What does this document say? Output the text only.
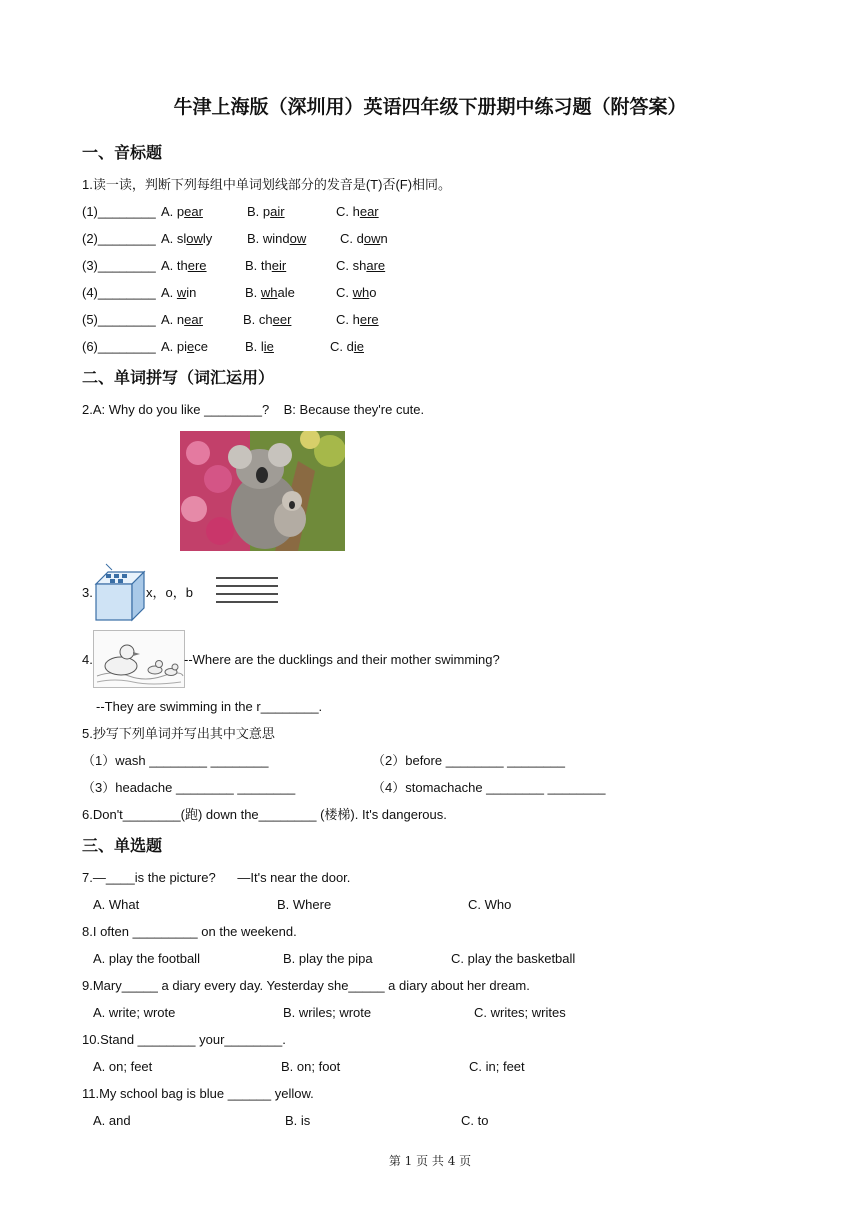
牛津上海版（深圳用）英语四年级下册期中练习题（附答案）
一、音标题
1.读一读，判断下列每组中单词划线部分的发音是(T)否(F)相同。
(1)________ A. pear	B. pair	C. hear
(2)________ A. slowly	B. window	C. down
(3)________ A. there	B. their	C. share
(4)________ A. win	B. whale	C. who
(5)________ A. near	B. cheer	C. here
(6)________ A. piece	B. lie	C. die
二、单词拼写（词汇运用）
2.A: Why do you like ________?    B: Because they're cute.
3.	x，o，b
4.	--Where are the ducklings and their mother swimming?
--They are swimming in the r________.
5.抄写下列单词并写出其中文意思
（1）wash ________ ________	（2）before ________ ________
（3）headache ________ ________	（4）stomachache ________ ________
6.Don't________(跑) down the________ (楼梯). It's dangerous.
三、单选题
7.—____is the picture?      —It's near the door.
A. What	B. Where	C. Who
8.I often _________ on the weekend.
A. play the football	B. play the pipa	C. play the basketball
9.Mary_____ a diary every day. Yesterday she_____ a diary about her dream.
A. write; wrote	B. wriles; wrote	C. writes; writes
10.Stand ________ your________.
A. on; feet	B. on; foot	C. in; feet
11.My school bag is blue ______ yellow.
A. and	B. is	C. to
第 1 页 共 4 页
